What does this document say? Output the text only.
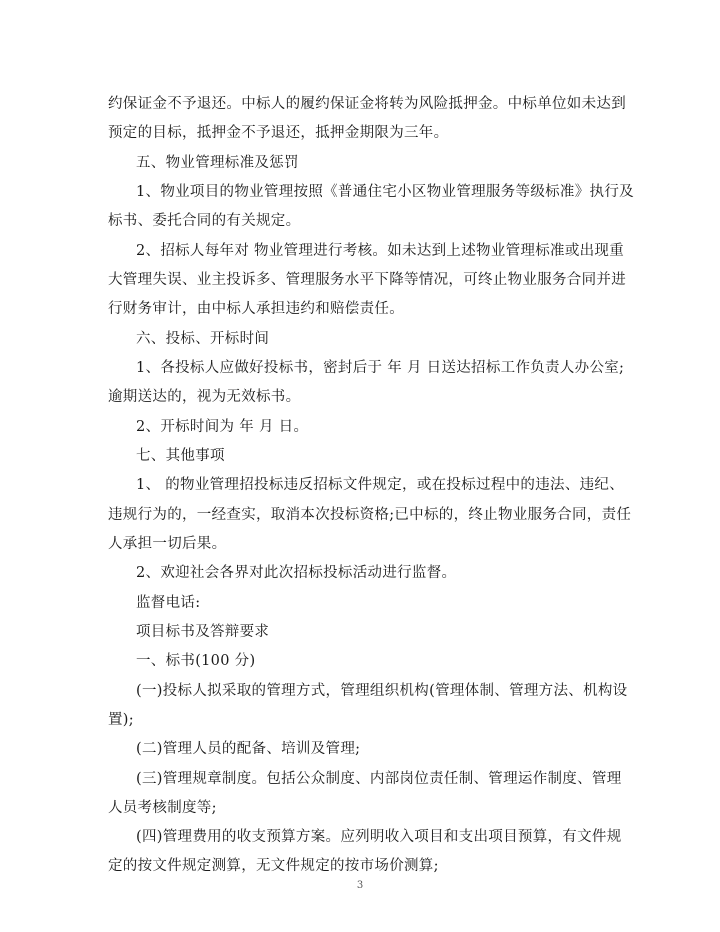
约保证金不予退还。中标人的履约保证金将转为风险抵押金。中标单位如未达到
预定的目标，抵押金不予退还，抵押金期限为三年。
五、物业管理标准及惩罚
1、物业项目的物业管理按照《普通住宅小区物业管理服务等级标准》执行及
标书、委托合同的有关规定。
2、招标人每年对 物业管理进行考核。如未达到上述物业管理标准或出现重
大管理失误、业主投诉多、管理服务水平下降等情况，可终止物业服务合同并进
行财务审计，由中标人承担违约和赔偿责任。
六、投标、开标时间
1、各投标人应做好投标书，密封后于 年 月 日送达招标工作负责人办公室;
逾期送达的，视为无效标书。
2、开标时间为 年 月 日。
七、其他事项
1、 的物业管理招投标违反招标文件规定，或在投标过程中的违法、违纪、
违规行为的，一经查实，取消本次投标资格;已中标的，终止物业服务合同，责任
人承担一切后果。
2、欢迎社会各界对此次招标投标活动进行监督。
监督电话:
项目标书及答辩要求
一、标书(100 分)
(一)投标人拟采取的管理方式，管理组织机构(管理体制、管理方法、机构设
置);
(二)管理人员的配备、培训及管理;
(三)管理规章制度。包括公众制度、内部岗位责任制、管理运作制度、管理
人员考核制度等;
(四)管理费用的收支预算方案。应列明收入项目和支出项目预算，有文件规
定的按文件规定测算，无文件规定的按市场价测算;
3
